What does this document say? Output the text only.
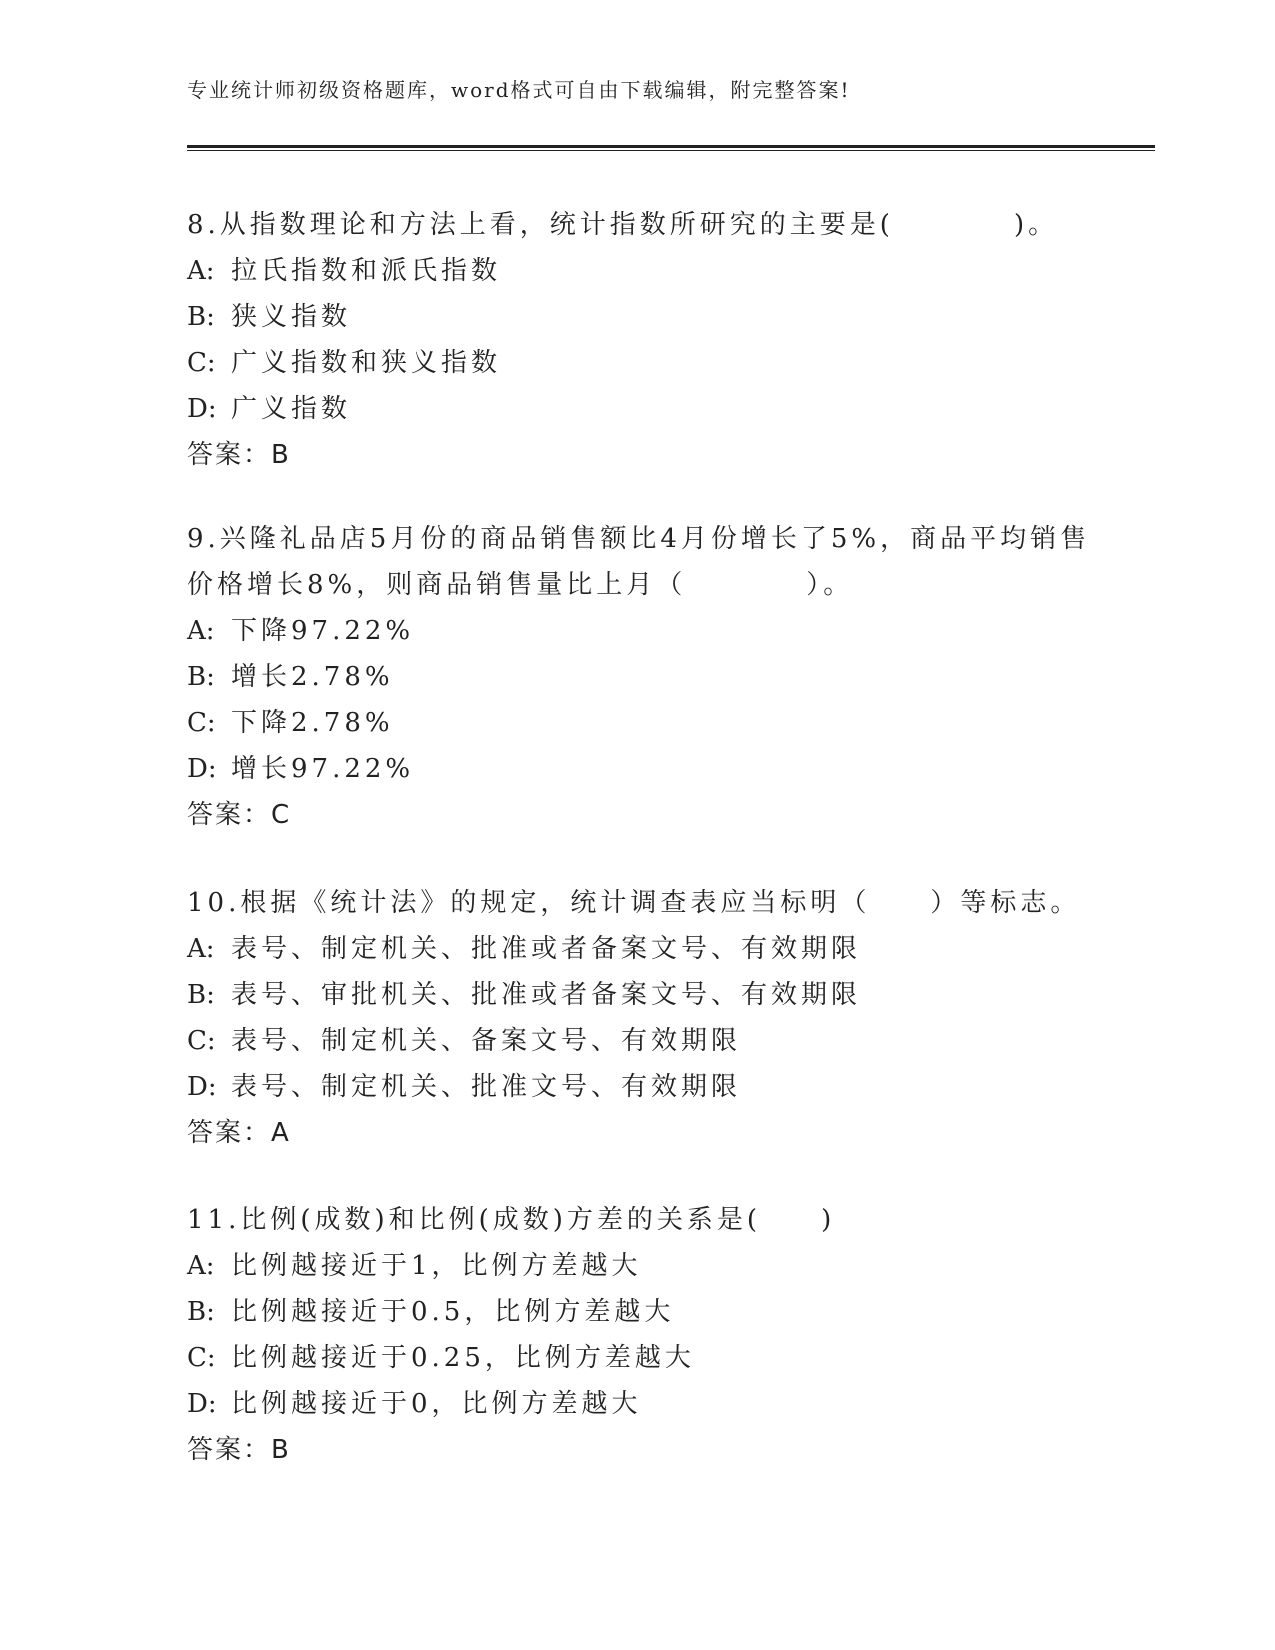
专业统计师初级资格题库，word格式可自由下载编辑，附完整答案!
8.从指数理论和方法上看，统计指数所研究的主要是(　　　　)。
A: 拉氏指数和派氏指数
B: 狭义指数
C: 广义指数和狭义指数
D: 广义指数
答案：B
9.兴隆礼品店5月份的商品销售额比4月份增长了5%，商品平均销售
价格增长8%，则商品销售量比上月（　　　　）。
A: 下降97.22%
B: 增长2.78%
C: 下降2.78%
D: 增长97.22%
答案：C
10.根据《统计法》的规定，统计调查表应当标明（　　）等标志。
A: 表号、制定机关、批准或者备案文号、有效期限
B: 表号、审批机关、批准或者备案文号、有效期限
C: 表号、制定机关、备案文号、有效期限
D: 表号、制定机关、批准文号、有效期限
答案：A
11.比例(成数)和比例(成数)方差的关系是(　　)
A: 比例越接近于1，比例方差越大
B: 比例越接近于0.5，比例方差越大
C: 比例越接近于0.25，比例方差越大
D: 比例越接近于0，比例方差越大
答案：B
